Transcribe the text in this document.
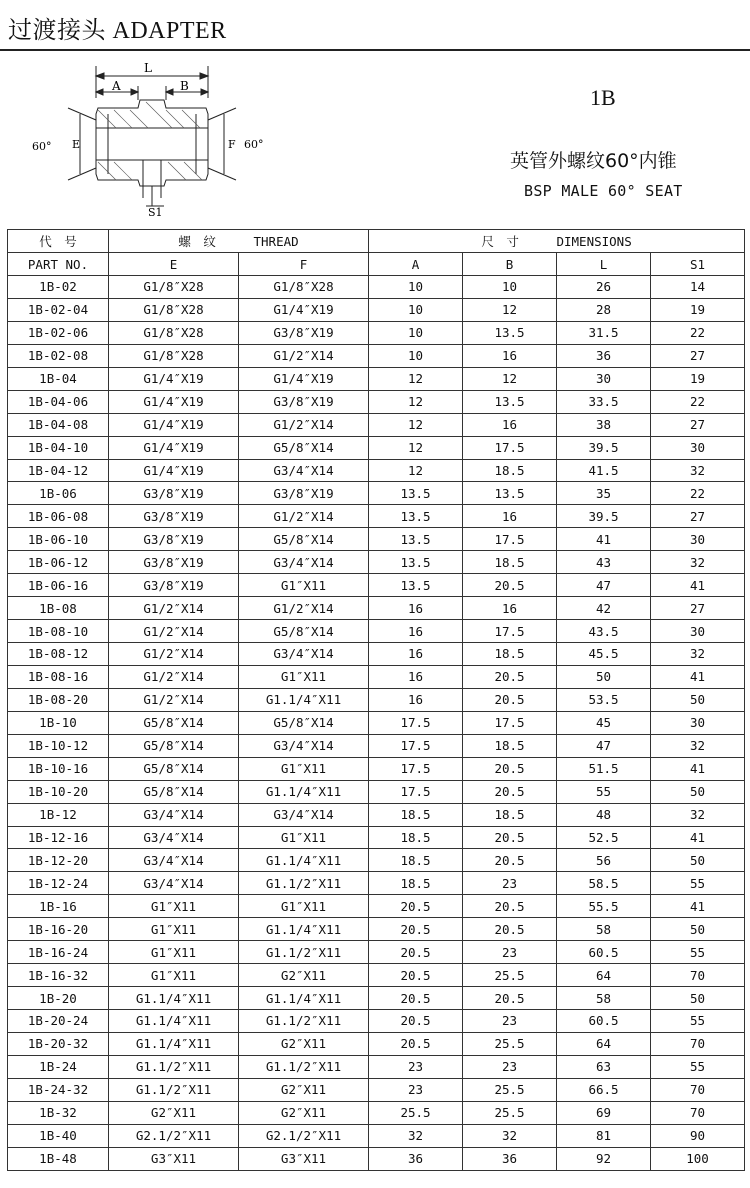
过渡接头 ADAPTER
L
A	B
60°	60°
E	F
S1
1B
英管外螺纹60°内锥
BSP MALE 60° SEAT
代　号	螺　纹 THREAD		尺　寸 DIMENSIONS			
PART NO.	E	F	A	B	L	S1
1B-02	G1/8″X28	G1/8″X28	10	10	26	14
1B-02-04	G1/8″X28	G1/4″X19	10	12	28	19
1B-02-06	G1/8″X28	G3/8″X19	10	13.5	31.5	22
1B-02-08	G1/8″X28	G1/2″X14	10	16	36	27
1B-04	G1/4″X19	G1/4″X19	12	12	30	19
1B-04-06	G1/4″X19	G3/8″X19	12	13.5	33.5	22
1B-04-08	G1/4″X19	G1/2″X14	12	16	38	27
1B-04-10	G1/4″X19	G5/8″X14	12	17.5	39.5	30
1B-04-12	G1/4″X19	G3/4″X14	12	18.5	41.5	32
1B-06	G3/8″X19	G3/8″X19	13.5	13.5	35	22
1B-06-08	G3/8″X19	G1/2″X14	13.5	16	39.5	27
1B-06-10	G3/8″X19	G5/8″X14	13.5	17.5	41	30
1B-06-12	G3/8″X19	G3/4″X14	13.5	18.5	43	32
1B-06-16	G3/8″X19	G1″X11	13.5	20.5	47	41
1B-08	G1/2″X14	G1/2″X14	16	16	42	27
1B-08-10	G1/2″X14	G5/8″X14	16	17.5	43.5	30
1B-08-12	G1/2″X14	G3/4″X14	16	18.5	45.5	32
1B-08-16	G1/2″X14	G1″X11	16	20.5	50	41
1B-08-20	G1/2″X14	G1.1/4″X11	16	20.5	53.5	50
1B-10	G5/8″X14	G5/8″X14	17.5	17.5	45	30
1B-10-12	G5/8″X14	G3/4″X14	17.5	18.5	47	32
1B-10-16	G5/8″X14	G1″X11	17.5	20.5	51.5	41
1B-10-20	G5/8″X14	G1.1/4″X11	17.5	20.5	55	50
1B-12	G3/4″X14	G3/4″X14	18.5	18.5	48	32
1B-12-16	G3/4″X14	G1″X11	18.5	20.5	52.5	41
1B-12-20	G3/4″X14	G1.1/4″X11	18.5	20.5	56	50
1B-12-24	G3/4″X14	G1.1/2″X11	18.5	23	58.5	55
1B-16	G1″X11	G1″X11	20.5	20.5	55.5	41
1B-16-20	G1″X11	G1.1/4″X11	20.5	20.5	58	50
1B-16-24	G1″X11	G1.1/2″X11	20.5	23	60.5	55
1B-16-32	G1″X11	G2″X11	20.5	25.5	64	70
1B-20	G1.1/4″X11	G1.1/4″X11	20.5	20.5	58	50
1B-20-24	G1.1/4″X11	G1.1/2″X11	20.5	23	60.5	55
1B-20-32	G1.1/4″X11	G2″X11	20.5	25.5	64	70
1B-24	G1.1/2″X11	G1.1/2″X11	23	23	63	55
1B-24-32	G1.1/2″X11	G2″X11	23	25.5	66.5	70
1B-32	G2″X11	G2″X11	25.5	25.5	69	70
1B-40	G2.1/2″X11	G2.1/2″X11	32	32	81	90
1B-48	G3″X11	G3″X11	36	36	92	100
